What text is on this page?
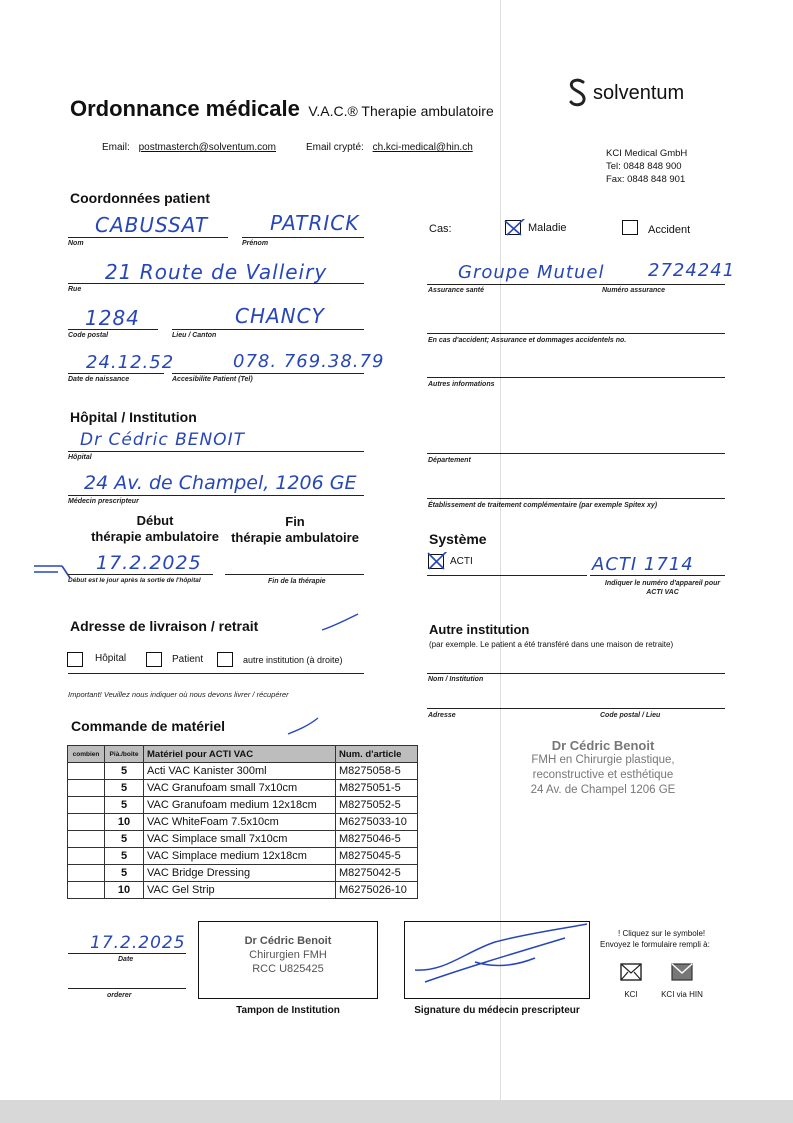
Ordonnance médicale V.A.C.® Therapie ambulatoire
solventum
Email: postmasterch@solventum.com	Email crypté: ch.kci-medical@hin.ch
KCI Medical GmbH
Tel: 0848 848 900
Fax: 0848 848 901
Coordonnées patient
CABUSSAT
Nom
PATRICK
Prénom
21 Route de Valleiry
Rue
1284
Code postal
CHANCY
Lieu / Canton
24.12.52
Date de naissance
078. 769.38.79
Accesibilite Patient (Tel)
Cas:	Maladie	Accident
Groupe Mutuel 2724241
Assurance santé	Numéro assurance
En cas d'accident; Assurance et dommages accidentels no.
Autres informations
Hôpital / Institution
Dr Cédric BENOIT
Hôpital
24 Av. de Champel, 1206 GE
Médecin prescripteur
Département
Établissement de traitement complémentaire (par exemple Spitex xy)
Début
thérapie ambulatoire
Fin
thérapie ambulatoire
17.2.2025
Début est le jour après la sortie de l'hôpital	Fin de la thérapie
Système
ACTI	ACTI 1714
Indiquer le numéro d'appareil pour
ACTI VAC
Adresse de livraison / retrait
Hôpital	Patient	autre institution (à droite)
Important! Veuillez nous indiquer où nous devons livrer / récupérer
Autre institution
(par exemple. Le patient a été transféré dans une maison de retraite)
Nom / Institution
Adresse	Code postal / Lieu
Commande de matériel
combien	Pià./boite	Matériel pour ACTI VAC	Num. d'article
	5	Acti VAC Kanister 300ml	M8275058-5
	5	VAC Granufoam small 7x10cm	M8275051-5
	5	VAC Granufoam medium 12x18cm	M8275052-5
	10	VAC WhiteFoam 7.5x10cm	M6275033-10
	5	VAC Simplace small 7x10cm	M8275046-5
	5	VAC Simplace medium 12x18cm	M8275045-5
	5	VAC Bridge Dressing	M8275042-5
	10	VAC Gel Strip	M6275026-10
Dr Cédric Benoit
FMH en Chirurgie plastique,
reconstructive et esthétique
24 Av. de Champel 1206 GE
17.2.2025
Date
orderer
Dr Cédric Benoit
Chirurgien FMH
RCC U825425
Tampon de Institution	Signature du médecin prescripteur
! Cliquez sur le symbole!
Envoyez le formulaire rempli à:
KCI	KCI via HIN
